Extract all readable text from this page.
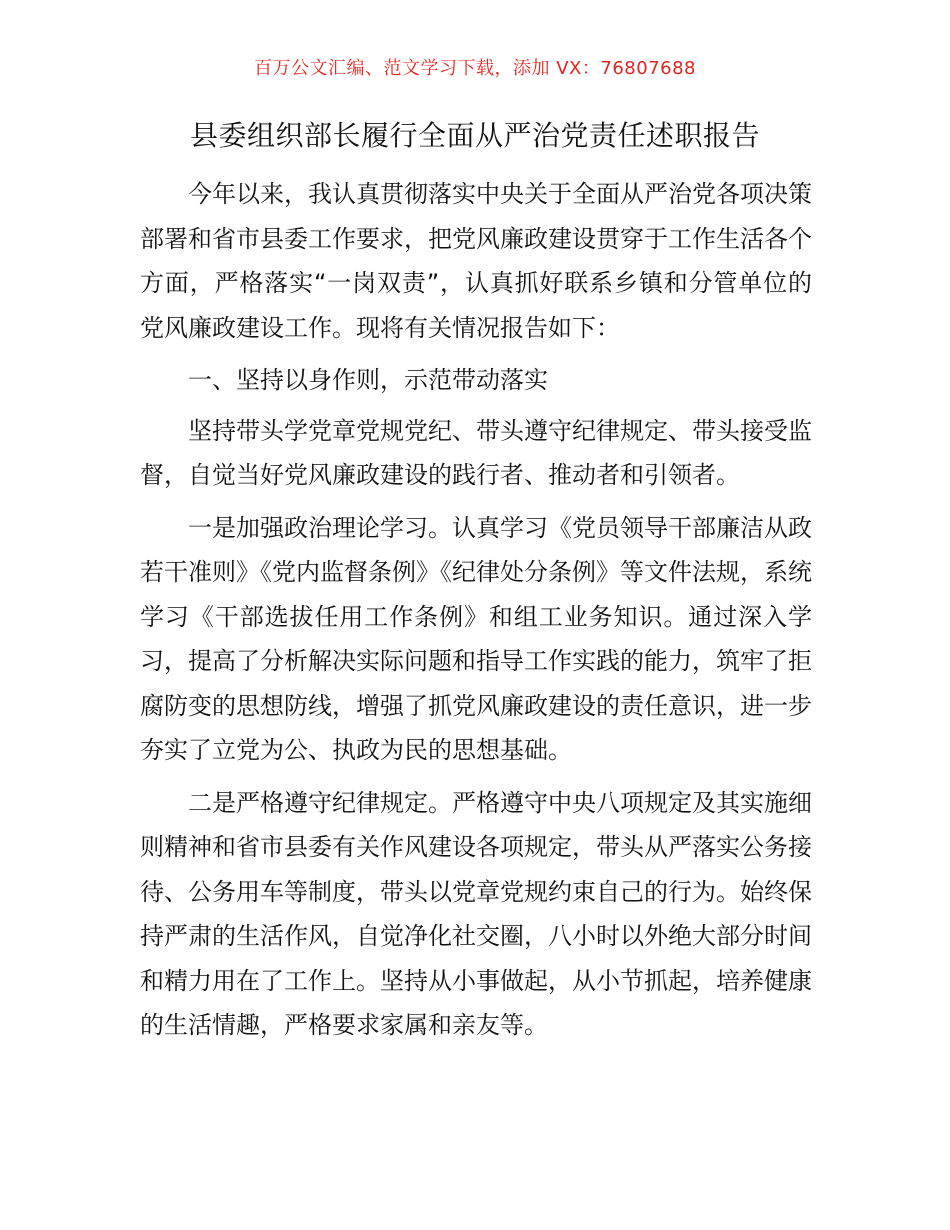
百万公文汇编、范文学习下载，添加 VX：76807688
县委组织部长履行全面从严治党责任述职报告

今年以来，我认真贯彻落实中央关于全面从严治党各项决策部署和省市县委工作要求，把党风廉政建设贯穿于工作生活各个方面，严格落实“一岗双责”，认真抓好联系乡镇和分管单位的党风廉政建设工作。现将有关情况报告如下：

一、坚持以身作则，示范带动落实

坚持带头学党章党规党纪、带头遵守纪律规定、带头接受监督，自觉当好党风廉政建设的践行者、推动者和引领者。

一是加强政治理论学习。认真学习《党员领导干部廉洁从政若干准则》《党内监督条例》《纪律处分条例》等文件法规，系统学习《干部选拔任用工作条例》和组工业务知识。通过深入学习，提高了分析解决实际问题和指导工作实践的能力，筑牢了拒腐防变的思想防线，增强了抓党风廉政建设的责任意识，进一步夯实了立党为公、执政为民的思想基础。

二是严格遵守纪律规定。严格遵守中央八项规定及其实施细则精神和省市县委有关作风建设各项规定，带头从严落实公务接待、公务用车等制度，带头以党章党规约束自己的行为。始终保持严肃的生活作风，自觉净化社交圈，八小时以外绝大部分时间和精力用在了工作上。坚持从小事做起，从小节抓起，培养健康的生活情趣，严格要求家属和亲友等。
